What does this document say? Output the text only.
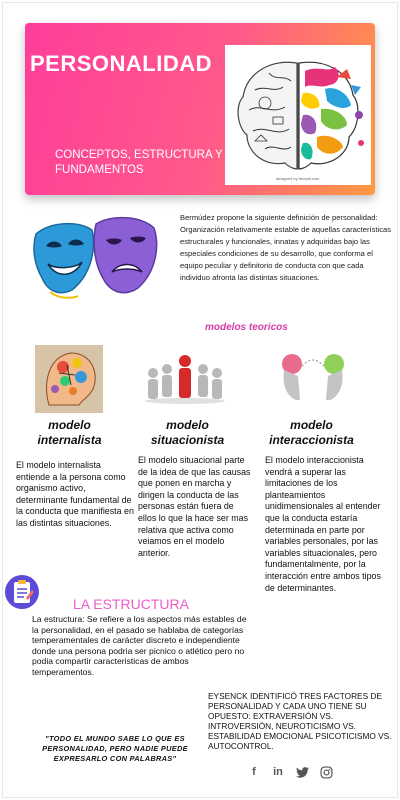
PERSONALIDAD
CONCEPTOS, ESTRUCTURA Y FUNDAMENTOS
designed by freepik.com
Bermúdez propone la siguiente definición de personalidad: Organización relativamente estable de aquellas características estructurales y funcionales, innatas y adquiridas bajo las especiales condiciones de su desarrollo, que conforma el equipo peculiar y definitorio de conducta con que cada individuo afronta las distintas situaciones.
modelos teoricos
modelo
internalista
modelo
situacionista
modelo
interaccionista
El modelo internalista entiende a la persona como organismo activo, determinante fundamental de la conducta que manifiesta en las distintas situaciones.
El modelo situacional parte de la idea de que las causas que ponen en marcha y dirigen la conducta de las personas están fuera de ellos lo que la hace ser mas relativa que activa como veiamos en el modelo anterior.
El modelo interaccionista vendrá a superar las limitaciones de los planteamientos unidimensionales al entender que la conducta estaría determinada en parte por variables personales, por las variables situacionales, pero fundamentalmente, por la interacción entre ambos tipos de determinantes.
LA ESTRUCTURA
La estructura: Se refiere a los aspectos más estables de la personalidad, en el pasado se hablaba de categorías temperamentales de carácter discreto e independiente donde una persona podria ser picnico o atlético pero no podia compartir caracteristicas de ambos temperamentos.
EYSENCK IDENTIFICÓ TRES FACTORES DE PERSONALIDAD Y CADA UNO TIENE SU OPUESTO: EXTRAVERSIÓN VS. INTROVERSIÓN, NEUROTICISMO VS. ESTABILIDAD EMOCIONAL PSICOTICISMO VS. AUTOCONTROL.
"TODO EL MUNDO SABE LO QUE ES PERSONALIDAD, PERO NADIE PUEDE EXPRESARLO CON PALABRAS"
f	in
